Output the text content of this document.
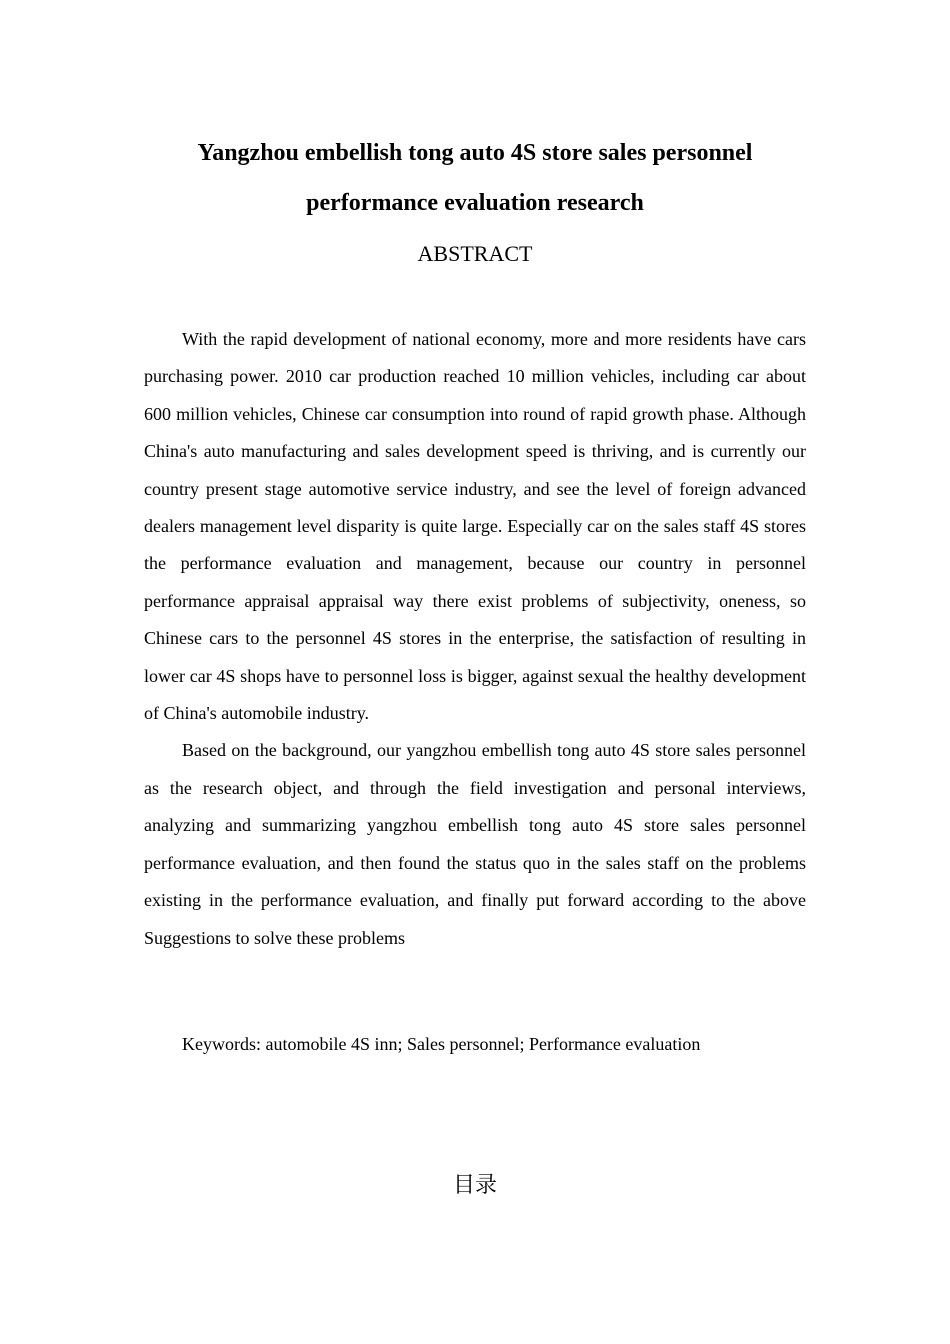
Yangzhou embellish tong auto 4S store sales personnel performance evaluation research
ABSTRACT

With the rapid development of national economy, more and more residents have cars purchasing power. 2010 car production reached 10 million vehicles, including car about 600 million vehicles, Chinese car consumption into round of rapid growth phase. Although China's auto manufacturing and sales development speed is thriving, and is currently our country present stage automotive service industry, and see the level of foreign advanced dealers management level disparity is quite large. Especially car on the sales staff 4S stores the performance evaluation and management, because our country in personnel performance appraisal appraisal way there exist problems of subjectivity, oneness, so Chinese cars to the personnel 4S stores in the enterprise, the satisfaction of resulting in lower car 4S shops have to personnel loss is bigger, against sexual the healthy development of China's automobile industry.

Based on the background, our yangzhou embellish tong auto 4S store sales personnel as the research object, and through the field investigation and personal interviews, analyzing and summarizing yangzhou embellish tong auto 4S store sales personnel performance evaluation, and then found the status quo in the sales staff on the problems existing in the performance evaluation, and finally put forward according to the above Suggestions to solve these problems

Keywords: automobile 4S inn; Sales personnel; Performance evaluation

目录
